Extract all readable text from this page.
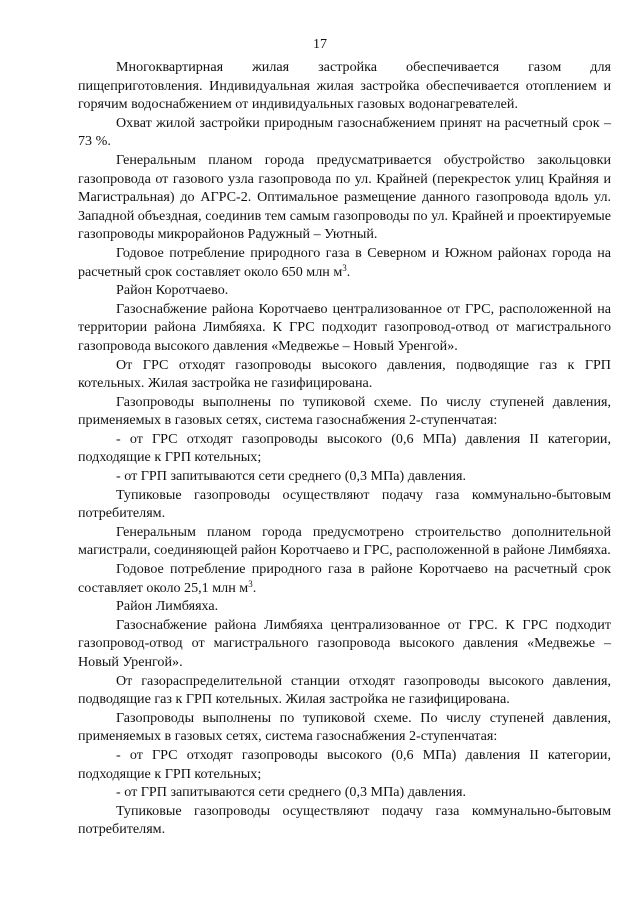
17

Многоквартирная жилая застройка обеспечивается газом для пищеприготовления. Индивидуальная жилая застройка обеспечивается отоплением и горячим водоснабжением от индивидуальных газовых водонагревателей.

Охват жилой застройки природным газоснабжением принят на расчетный срок – 73 %.

Генеральным планом города предусматривается обустройство закольцовки газопровода от газового узла газопровода по ул. Крайней (перекресток улиц Крайняя и Магистральная) до АГРС-2. Оптимальное размещение данного газопровода вдоль ул. Западной объездная, соединив тем самым газопроводы по ул. Крайней и проектируемые газопроводы микрорайонов Радужный – Уютный.

Годовое потребление природного газа в Северном и Южном районах города на расчетный срок составляет около 650 млн $м^3$.

Район Коротчаево.

Газоснабжение района Коротчаево централизованное от ГРС, расположенной на территории района Лимбяяха. К ГРС подходит газопровод-отвод от магистрального газопровода высокого давления «Медвежье – Новый Уренгой».

От ГРС отходят газопроводы высокого давления, подводящие газ к ГРП котельных. Жилая застройка не газифицирована.

Газопроводы выполнены по тупиковой схеме. По числу ступеней давления, применяемых в газовых сетях, система газоснабжения 2-ступенчатая:

- от ГРС отходят газопроводы высокого (0,6 МПа) давления II категории, подходящие к ГРП котельных;

- от ГРП запитываются сети среднего (0,3 МПа) давления.

Тупиковые газопроводы осуществляют подачу газа коммунально-бытовым потребителям.

Генеральным планом города предусмотрено строительство дополнительной магистрали, соединяющей район Коротчаево и ГРС, расположенной в районе Лимбяяха.

Годовое потребление природного газа в районе Коротчаево на расчетный срок составляет около 25,1 млн $м^3$.

Район Лимбяяха.

Газоснабжение района Лимбяяха централизованное от ГРС. К ГРС подходит газопровод-отвод от магистрального газопровода высокого давления «Медвежье – Новый Уренгой».

От газораспределительной станции отходят газопроводы высокого давления, подводящие газ к ГРП котельных. Жилая застройка не газифицирована.

Газопроводы выполнены по тупиковой схеме. По числу ступеней давления, применяемых в газовых сетях, система газоснабжения 2-ступенчатая:

- от ГРС отходят газопроводы высокого (0,6 МПа) давления II категории, подходящие к ГРП котельных;

- от ГРП запитываются сети среднего (0,3 МПа) давления.

Тупиковые газопроводы осуществляют подачу газа коммунально-бытовым потребителям.
